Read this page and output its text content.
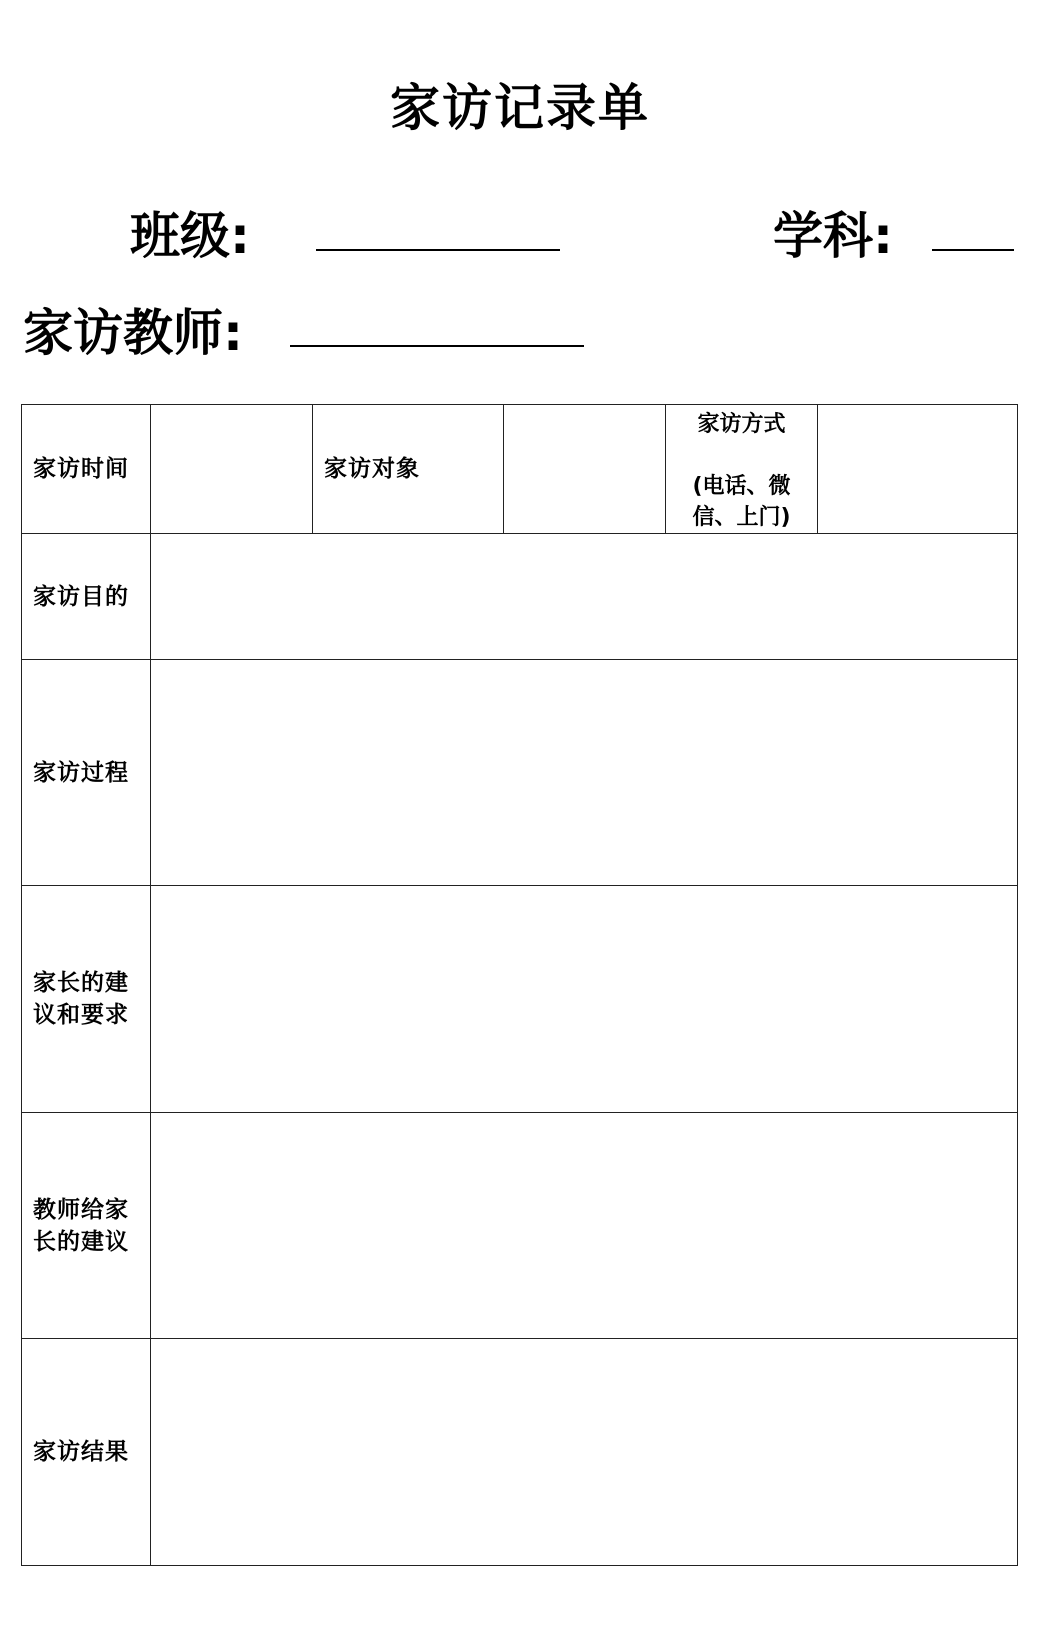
家访记录单
班级:	学科:
家访教师:
家访时间		家访对象		家访方式
(电话、微信、上门)	

家访目的					
家访过程					

家长的建议和要求					

教师给家长的建议					

家访结果					
